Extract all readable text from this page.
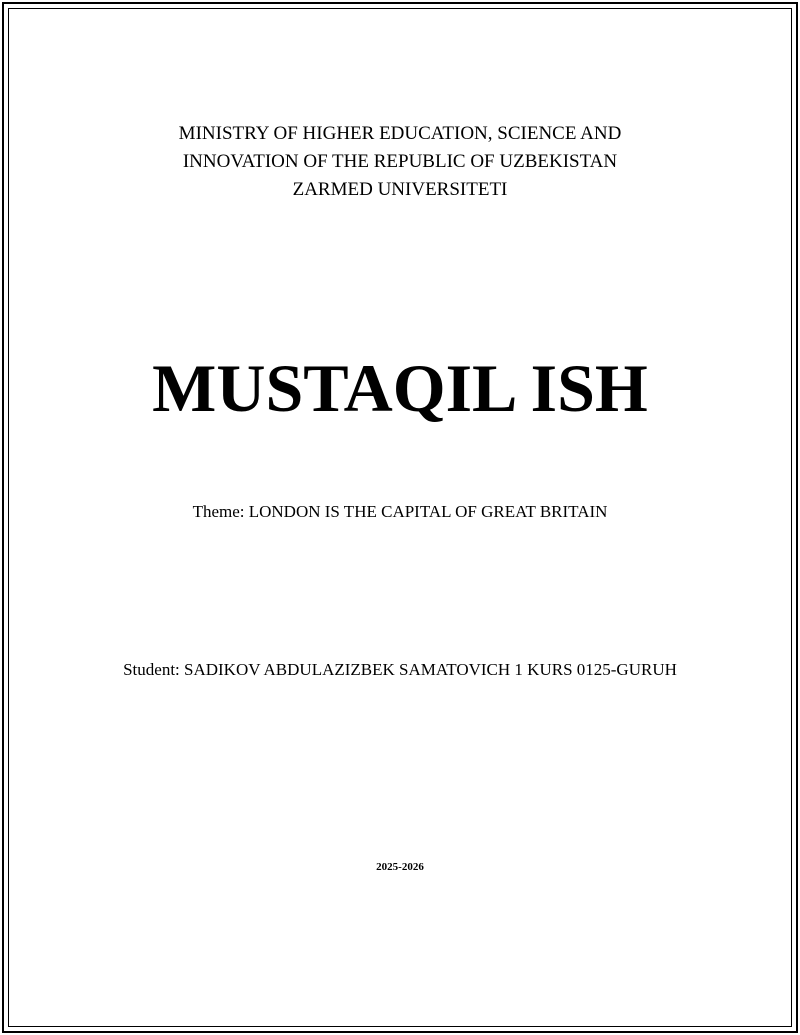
MINISTRY OF HIGHER EDUCATION, SCIENCE AND
INNOVATION OF THE REPUBLIC OF UZBEKISTAN
ZARMED UNIVERSITETI
MUSTAQIL ISH
Theme: LONDON IS THE CAPITAL OF GREAT BRITAIN
Student: SADIKOV ABDULAZIZBEK SAMATOVICH 1 KURS 0125-GURUH
2025-2026
